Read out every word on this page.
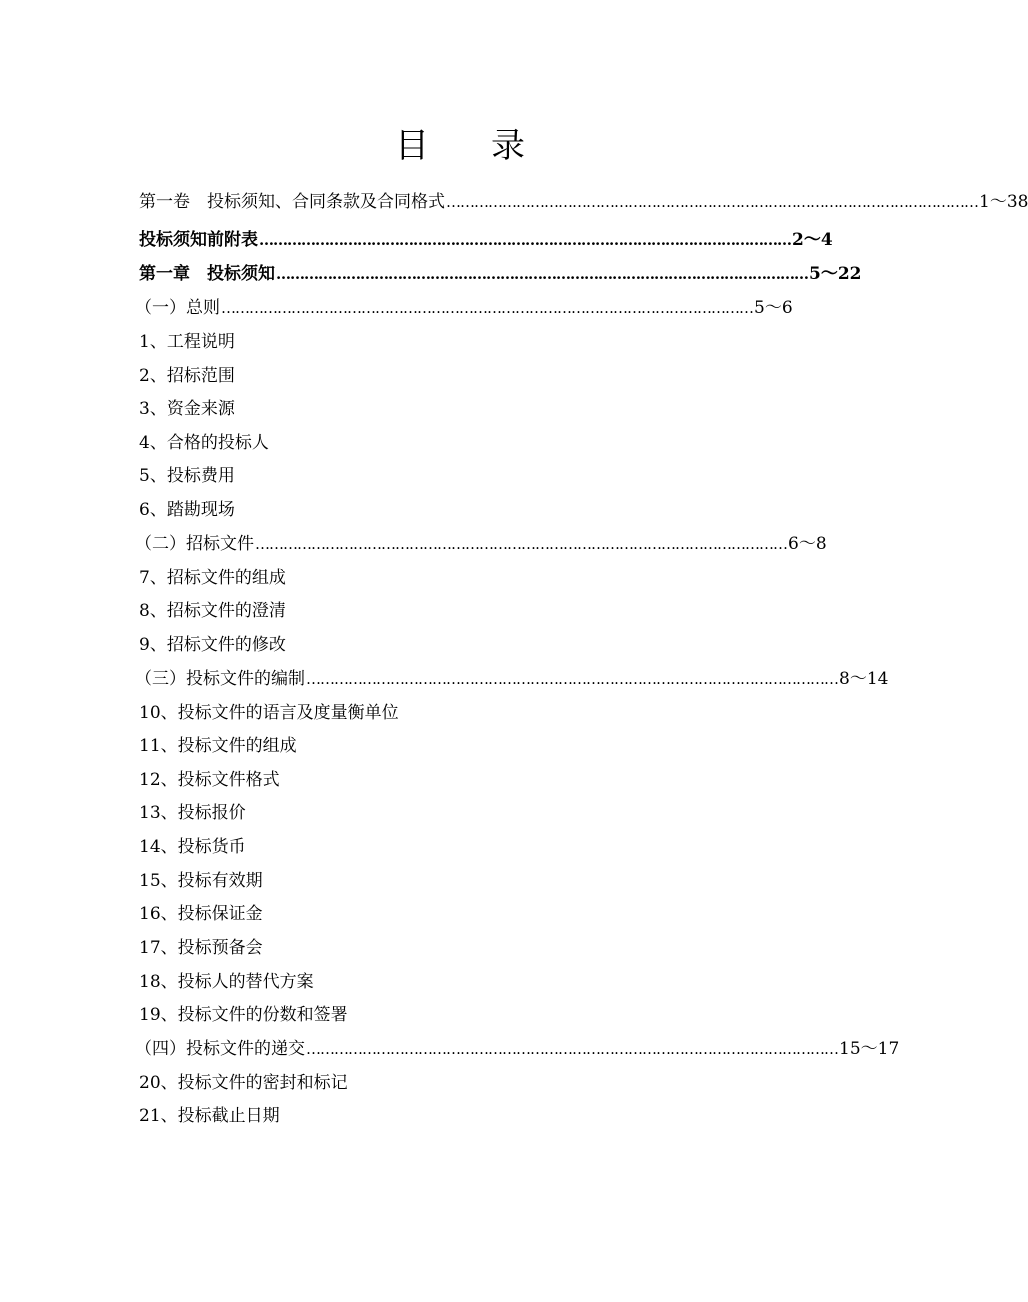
目 录
第一卷　投标须知、合同条款及合同格式 …………………………………………………………………………………………………… 1～38
投标须知前附表 …………………………………………………………………………………………………… 2～4
第一章　投标须知 …………………………………………………………………………………………………… 5～22
（一）总则 …………………………………………………………………………………………………… 5～6
1、工程说明
2、招标范围
3、资金来源
4、合格的投标人
5、投标费用
6、踏勘现场
（二）招标文件 …………………………………………………………………………………………………… 6～8
7、招标文件的组成
8、招标文件的澄清
9、招标文件的修改
（三）投标文件的编制 …………………………………………………………………………………………………… 8～14
10、投标文件的语言及度量衡单位
11、投标文件的组成
12、投标文件格式
13、投标报价
14、投标货币
15、投标有效期
16、投标保证金
17、投标预备会
18、投标人的替代方案
19、投标文件的份数和签署
（四）投标文件的递交 …………………………………………………………………………………………………… 15～17
20、投标文件的密封和标记
21、投标截止日期
